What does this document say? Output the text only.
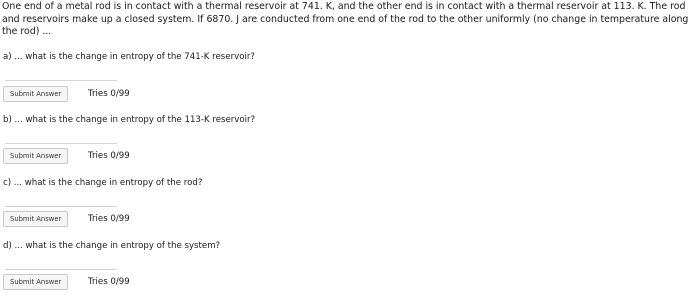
One end of a metal rod is in contact with a thermal reservoir at 741. K, and the other end is in contact with a thermal reservoir at 113. K. The rod and reservoirs make up a closed system. If 6870. J are conducted from one end of the rod to the other uniformly (no change in temperature along the rod) ...
a) ... what is the change in entropy of the 741-K reservoir?
Submit Answer	Tries 0/99
b) ... what is the change in entropy of the 113-K reservoir?
Submit Answer	Tries 0/99
c) ... what is the change in entropy of the rod?
Submit Answer	Tries 0/99
d) ... what is the change in entropy of the system?
Submit Answer	Tries 0/99
